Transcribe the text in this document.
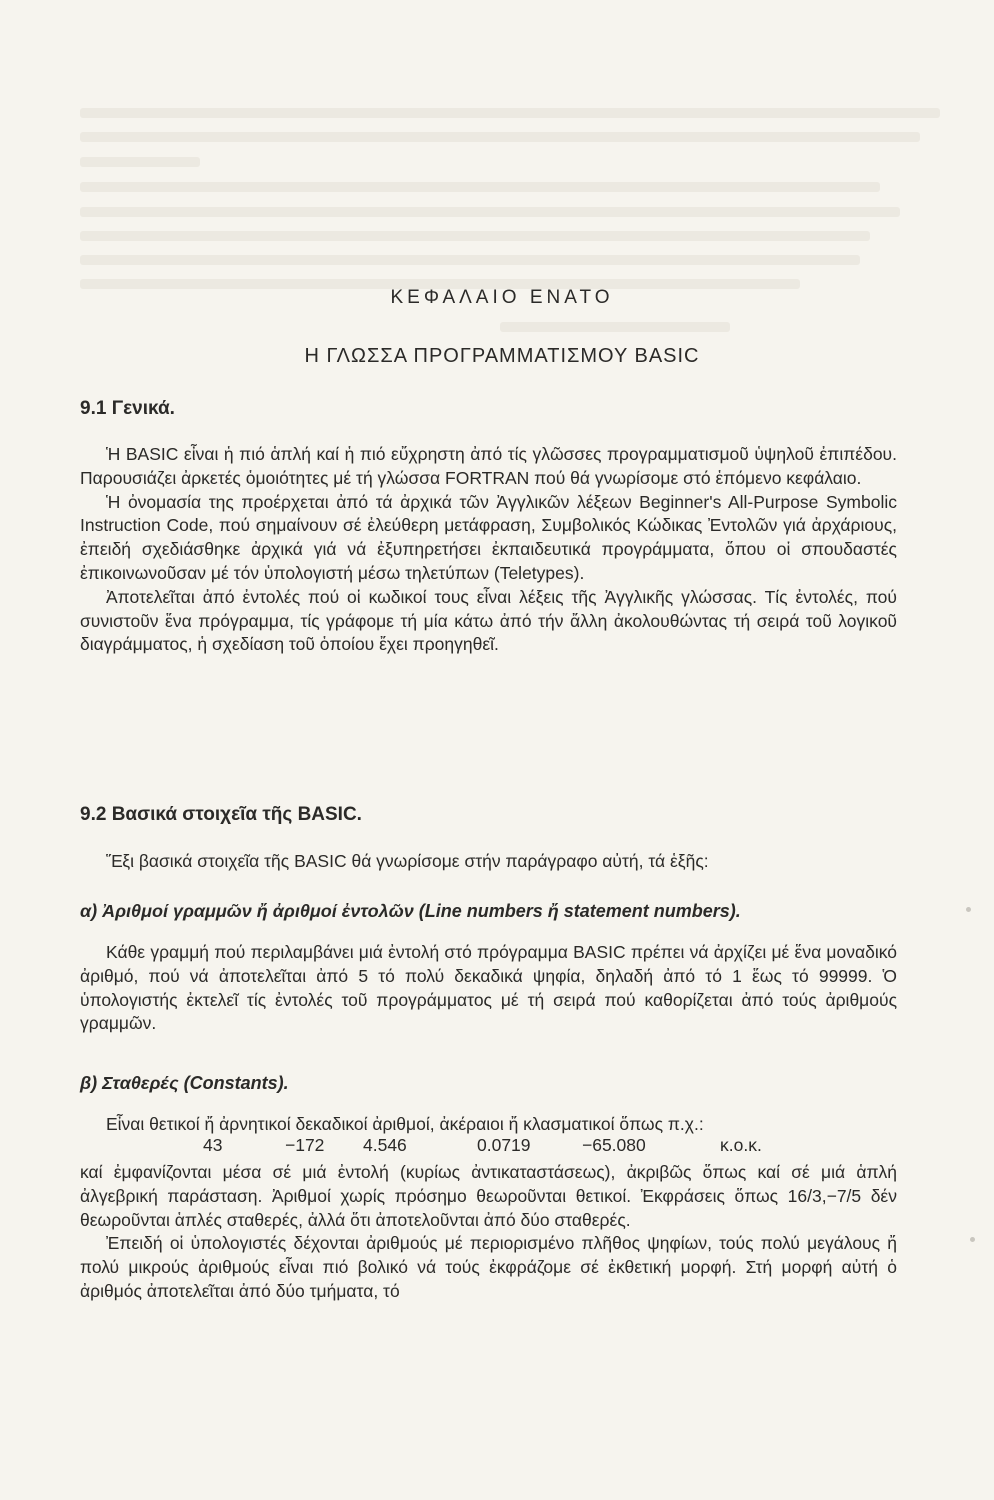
ΚΕΦΑΛΑΙΟ ΕΝΑΤΟ
Η ΓΛΩΣΣΑ ΠΡΟΓΡΑΜΜΑΤΙΣΜΟΥ BASIC
9.1 Γενικά.

Ἡ BASIC εἶναι ἡ πιό ἁπλή καί ἡ πιό εὔχρηστη ἀπό τίς γλῶσσες προγραμματισμοῦ ὑψηλοῦ ἐπιπέδου. Παρουσιάζει ἀρκετές ὁμοιότητες μέ τή γλώσσα FORTRAN πού θά γνωρίσομε στό ἑπόμενο κεφάλαιο.

Ἡ ὀνομασία της προέρχεται ἀπό τά ἀρχικά τῶν Ἀγγλικῶν λέξεων Beginner's All-Purpose Symbolic Instruction Code, πού σημαίνουν σέ ἐλεύθερη μετάφραση, Συμβολικός Κώδικας Ἐντολῶν γιά ἀρχάριους, ἐπειδή σχεδιάσθηκε ἀρχικά γιά νά ἐξυπηρετήσει ἐκπαιδευτικά προγράμματα, ὅπου οἱ σπουδαστές ἐπικοινωνοῦσαν μέ τόν ὑπολογιστή μέσω τηλετύπων (Teletypes).

Ἀποτελεῖται ἀπό ἐντολές πού οἱ κωδικοί τους εἶναι λέξεις τῆς Ἀγγλικῆς γλώσσας. Τίς ἐντολές, πού συνιστοῦν ἕνα πρόγραμμα, τίς γράφομε τή μία κάτω ἀπό τήν ἄλλη ἀκολουθώντας τή σειρά τοῦ λογικοῦ διαγράμματος, ἡ σχεδίαση τοῦ ὁποίου ἔχει προηγηθεῖ.

9.2 Βασικά στοιχεῖα τῆς BASIC.

Ἕξι βασικά στοιχεῖα τῆς BASIC θά γνωρίσομε στήν παράγραφο αὐτή, τά ἑξῆς:

α) Ἀριθμοί γραμμῶν ἤ ἀριθμοί ἐντολῶν (Line numbers ἤ statement numbers).

Κάθε γραμμή πού περιλαμβάνει μιά ἐντολή στό πρόγραμμα BASIC πρέπει νά ἀρχίζει μέ ἕνα μοναδικό ἀριθμό, πού νά ἀποτελεῖται ἀπό 5 τό πολύ δεκαδικά ψηφία, δηλαδή ἀπό τό 1 ἕως τό 99999. Ὁ ὑπολογιστής ἐκτελεῖ τίς ἐντολές τοῦ προγράμματος μέ τή σειρά πού καθορίζεται ἀπό τούς ἀριθμούς γραμμῶν.

β) Σταθερές (Constants).

Εἶναι θετικοί ἤ ἀρνητικοί δεκαδικοί ἀριθμοί, ἀκέραιοι ἤ κλασματικοί ὅπως π.χ.:

43	−172 4.546	0.0719	−65.080	κ.ο.κ.

καί ἐμφανίζονται μέσα σέ μιά ἐντολή (κυρίως ἀντικαταστάσεως), ἀκριβῶς ὅπως καί σέ μιά ἁπλή ἀλγεβρική παράσταση. Ἀριθμοί χωρίς πρόσημο θεωροῦνται θετικοί. Ἐκφράσεις ὅπως 16/3,−7/5 δέν θεωροῦνται ἁπλές σταθερές, ἀλλά ὅτι ἀποτελοῦνται ἀπό δύο σταθερές.

Ἐπειδή οἱ ὑπολογιστές δέχονται ἀριθμούς μέ περιορισμένο πλῆθος ψηφίων, τούς πολύ μεγάλους ἤ πολύ μικρούς ἀριθμούς εἶναι πιό βολικό νά τούς ἐκφράζομε σέ ἐκθετική μορφή. Στή μορφή αὐτή ὁ ἀριθμός ἀποτελεῖται ἀπό δύο τμήματα, τό
